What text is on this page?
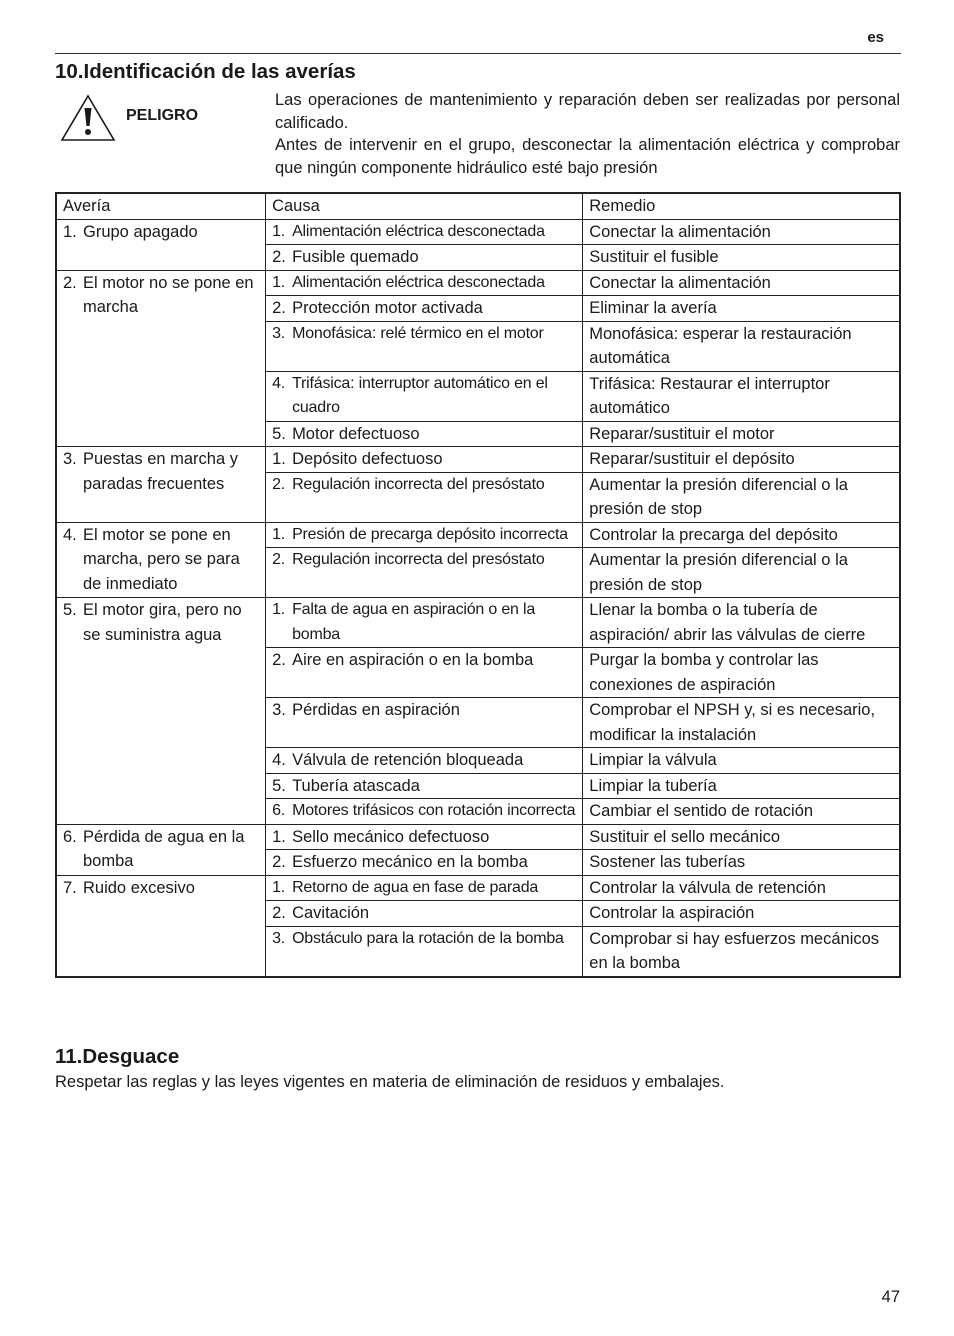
es
10.Identificación de las averías
PELIGRO

Las operaciones de mantenimiento y reparación deben ser realizadas por personal calificado.

Antes de intervenir en el grupo, desconectar la alimentación eléctrica y comprobar que ningún componente hidráulico esté bajo presión

Avería	Causa	Remedio

1. Grupo apagado	1. Alimentación eléctrica desconectada	Conectar la alimentación

	2. Fusible quemado	Sustituir el fusible

2. El motor no se pone en marcha	1. Alimentación eléctrica desconectada	Conectar la alimentación

	2. Protección motor activada	Eliminar la avería

	3. Monofásica: relé térmico en el motor	Monofásica: esperar la restauración automática

	4. Trifásica: interruptor automático en el cuadro	Trifásica: Restaurar el interruptor automático

	5. Motor defectuoso	Reparar/sustituir el motor

3. Puestas en marcha y paradas frecuentes	1. Depósito defectuoso	Reparar/sustituir el depósito

	2. Regulación incorrecta del presóstato	Aumentar la presión diferencial o la presión de stop

4. El motor se pone en marcha, pero se para de inmediato	1. Presión de precarga depósito incorrecta	Controlar la precarga del depósito

	2. Regulación incorrecta del presóstato	Aumentar la presión diferencial o la presión de stop

5. El motor gira, pero no se suministra agua	1. Falta de agua en aspiración o en la bomba	Llenar la bomba o la tubería de aspiración/ abrir las válvulas de cierre

	2. Aire en aspiración o en la bomba	Purgar la bomba y controlar las conexiones de aspiración

	3. Pérdidas en aspiración	Comprobar el NPSH y, si es necesario, modificar la instalación

	4. Válvula de retención bloqueada	Limpiar la válvula

	5. Tubería atascada	Limpiar la tubería

	6. Motores trifásicos con rotación incorrecta	Cambiar el sentido de rotación

6. Pérdida de agua en la bomba	1. Sello mecánico defectuoso	Sustituir el sello mecánico

	2. Esfuerzo mecánico en la bomba	Sostener las tuberías

7. Ruido excesivo	1. Retorno de agua en fase de parada	Controlar la válvula de retención

	2. Cavitación	Controlar la aspiración

	3. Obstáculo para la rotación de la bomba	Comprobar si hay esfuerzos mecánicos en la bomba
11.Desguace
Respetar las reglas y las leyes vigentes en materia de eliminación de residuos y embalajes.
47
